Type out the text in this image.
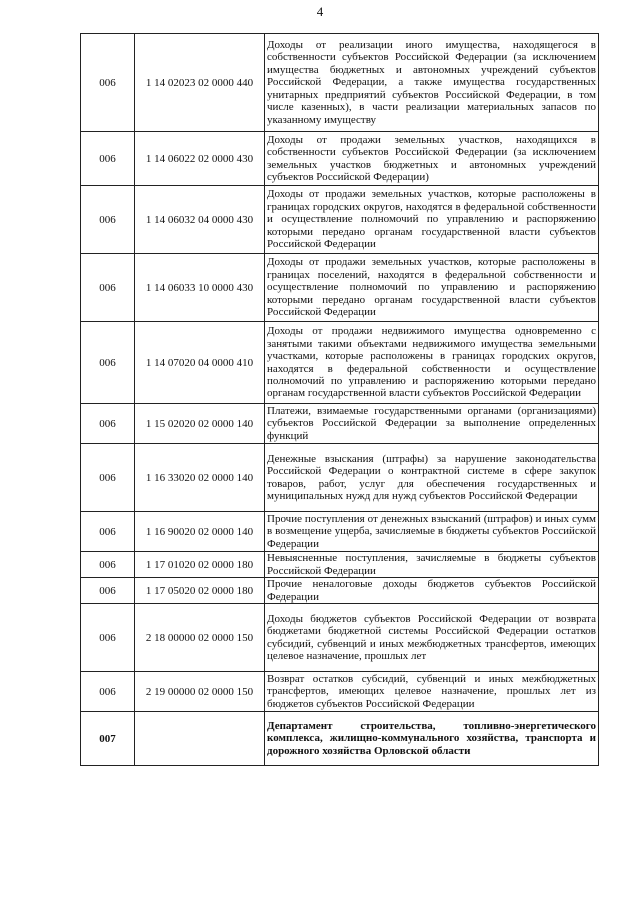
4
006	1 14 02023 02 0000 440	Доходы от реализации иного имущества, находящегося в собственности субъектов Российской Федерации (за исключением имущества бюджетных и автономных учреждений субъектов Российской Федерации, а также имущества государственных унитарных предприятий субъектов Российской Федерации, в том числе казенных), в части реализации материальных запасов по указанному имуществу
006	1 14 06022 02 0000 430	Доходы от продажи земельных участков, находящихся в собственности субъектов Российской Федерации (за исключением земельных участков бюджетных и автономных учреждений субъектов Российской Федерации)
006	1 14 06032 04 0000 430	Доходы от продажи земельных участков, которые расположены в границах городских округов, находятся в федеральной собственности и осуществление полномочий по управлению и распоряжению которыми передано органам государственной власти субъектов Российской Федерации
006	1 14 06033 10 0000 430	Доходы от продажи земельных участков, которые расположены в границах поселений, находятся в федеральной собственности и осуществление полномочий по управлению и распоряжению которыми передано органам государственной власти субъектов Российской Федерации
006	1 14 07020 04 0000 410	Доходы от продажи недвижимого имущества одновременно с занятыми такими объектами недвижимого имущества земельными участками, которые расположены в границах городских округов, находятся в федеральной собственности и осуществление полномочий по управлению и распоряжению которыми передано органам государственной власти субъектов Российской Федерации
006	1 15 02020 02 0000 140	Платежи, взимаемые государственными органами (организациями) субъектов Российской Федерации за выполнение определенных функций
006	1 16 33020 02 0000 140	Денежные взыскания (штрафы) за нарушение законодательства Российской Федерации о контрактной системе в сфере закупок товаров, работ, услуг для обеспечения государственных и муниципальных нужд для нужд субъектов Российской Федерации
006	1 16 90020 02 0000 140	Прочие поступления от денежных взысканий (штрафов) и иных сумм в возмещение ущерба, зачисляемые в бюджеты субъектов Российской Федерации
006	1 17 01020 02 0000 180	Невыясненные поступления, зачисляемые в бюджеты субъектов Российской Федерации
006	1 17 05020 02 0000 180	Прочие неналоговые доходы бюджетов субъектов Российской Федерации
006	2 18 00000 02 0000 150	Доходы бюджетов субъектов Российской Федерации от возврата бюджетами бюджетной системы Российской Федерации остатков субсидий, субвенций и иных межбюджетных трансфертов, имеющих целевое назначение, прошлых лет
006	2 19 00000 02 0000 150	Возврат остатков субсидий, субвенций и иных межбюджетных трансфертов, имеющих целевое назначение, прошлых лет из бюджетов субъектов Российской Федерации
007		Департамент строительства, топливно-энергетического комплекса, жилищно-коммунального хозяйства, транспорта и дорожного хозяйства Орловской области
